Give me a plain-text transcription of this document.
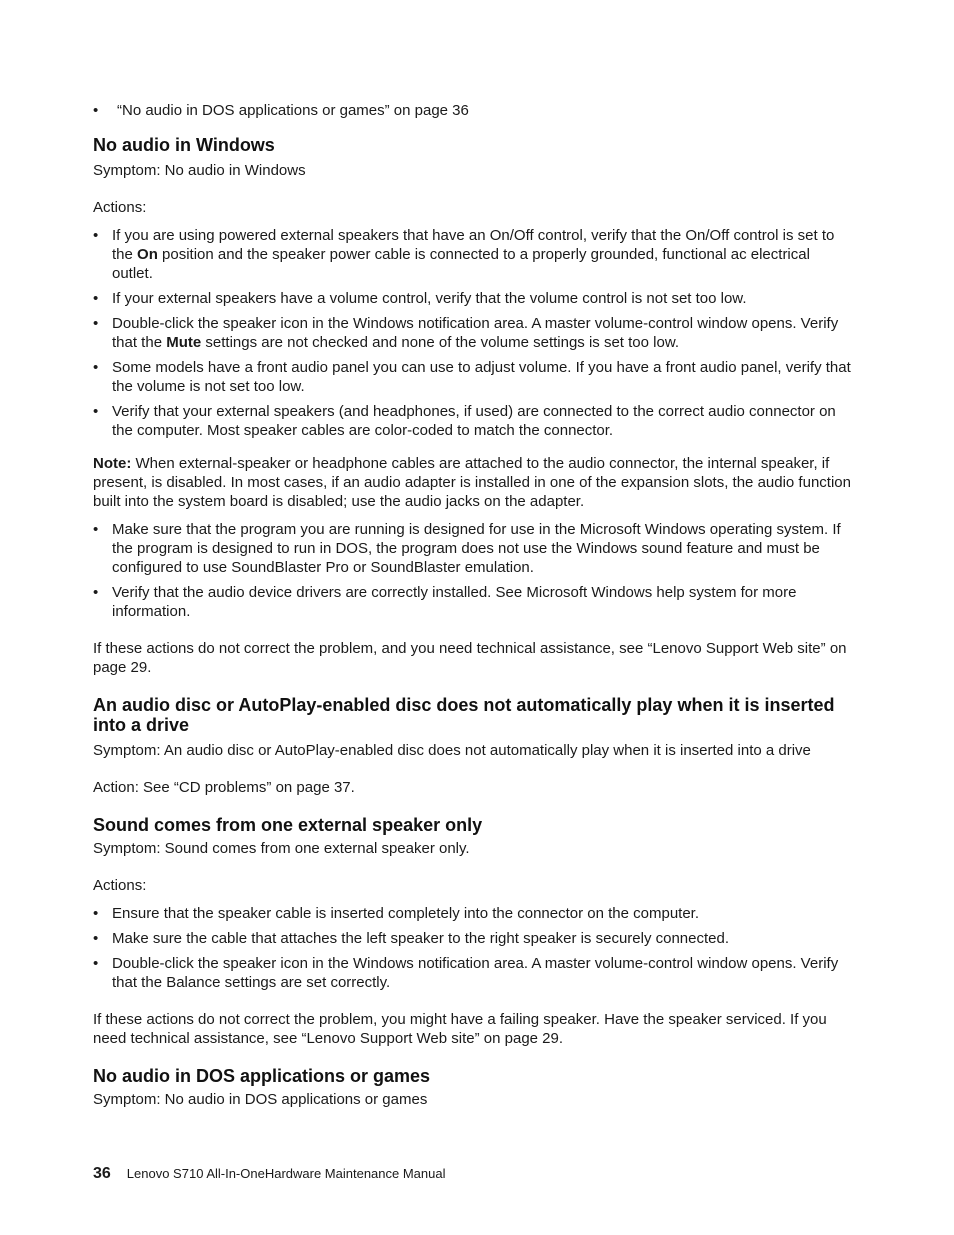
• “No audio in DOS applications or games” on page 36
No audio in Windows

Symptom: No audio in Windows

Actions:

• If you are using powered external speakers that have an On/Off control, verify that the On/Off control is set to the On position and the speaker power cable is connected to a properly grounded, functional ac electrical outlet.
• If your external speakers have a volume control, verify that the volume control is not set too low.
• Double-click the speaker icon in the Windows notification area. A master volume-control window opens. Verify that the Mute settings are not checked and none of the volume settings is set too low.
• Some models have a front audio panel you can use to adjust volume. If you have a front audio panel, verify that the volume is not set too low.
• Verify that your external speakers (and headphones, if used) are connected to the correct audio connector on the computer. Most speaker cables are color-coded to match the connector.

Note: When external-speaker or headphone cables are attached to the audio connector, the internal speaker, if present, is disabled. In most cases, if an audio adapter is installed in one of the expansion slots, the audio function built into the system board is disabled; use the audio jacks on the adapter.

• Make sure that the program you are running is designed for use in the Microsoft Windows operating system. If the program is designed to run in DOS, the program does not use the Windows sound feature and must be configured to use SoundBlaster Pro or SoundBlaster emulation.
• Verify that the audio device drivers are correctly installed. See Microsoft Windows help system for more information.

If these actions do not correct the problem, and you need technical assistance, see “Lenovo Support Web site” on page 29.

An audio disc or AutoPlay-enabled disc does not automatically play when it is inserted into a drive

Symptom: An audio disc or AutoPlay-enabled disc does not automatically play when it is inserted into a drive

Action: See “CD problems” on page 37.

Sound comes from one external speaker only

Symptom: Sound comes from one external speaker only.

Actions:

• Ensure that the speaker cable is inserted completely into the connector on the computer.
• Make sure the cable that attaches the left speaker to the right speaker is securely connected.
• Double-click the speaker icon in the Windows notification area. A master volume-control window opens. Verify that the Balance settings are set correctly.

If these actions do not correct the problem, you might have a failing speaker. Have the speaker serviced. If you need technical assistance, see “Lenovo Support Web site” on page 29.

No audio in DOS applications or games

Symptom: No audio in DOS applications or games

36 Lenovo S710 All-In-OneHardware Maintenance Manual
